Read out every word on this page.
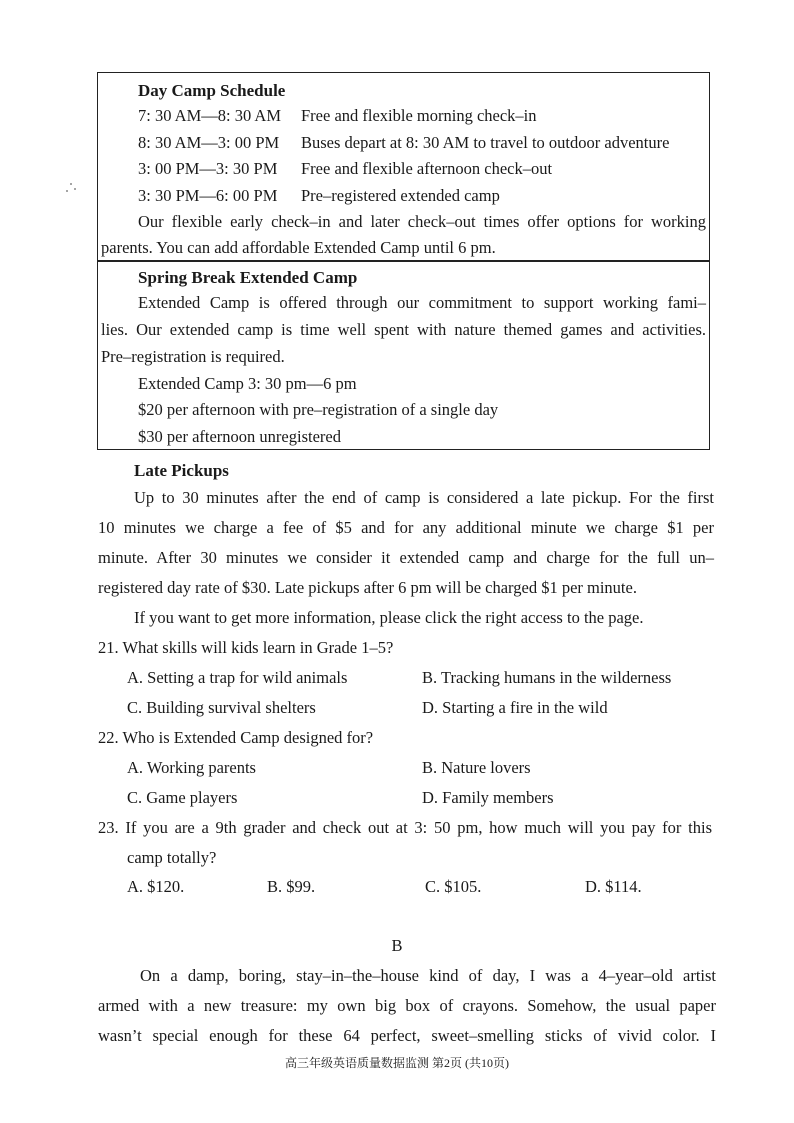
Day Camp Schedule
7: 30 AM—8: 30 AM Free and flexible morning check–in
8: 30 AM—3: 00 PM Buses depart at 8: 30 AM to travel to outdoor adventure
3: 00 PM—3: 30 PM Free and flexible afternoon check–out
3: 30 PM—6: 00 PM Pre–registered extended camp
Our flexible early check–in and later check–out times offer options for working
parents. You can add affordable Extended Camp until 6 pm.
Spring Break Extended Camp
Extended Camp is offered through our commitment to support working fami–
lies. Our extended camp is time well spent with nature themed games and activities.
Pre–registration is required.
Extended Camp 3: 30 pm—6 pm
$20 per afternoon with pre–registration of a single day
$30 per afternoon unregistered
Late Pickups
Up to 30 minutes after the end of camp is considered a late pickup. For the first
10 minutes we charge a fee of $5 and for any additional minute we charge $1 per
minute. After 30 minutes we consider it extended camp and charge for the full un–
registered day rate of $30. Late pickups after 6 pm will be charged $1 per minute.
If you want to get more information, please click the right access to the page.
21. What skills will kids learn in Grade 1–5?
A. Setting a trap for wild animals	B. Tracking humans in the wilderness
C. Building survival shelters	D. Starting a fire in the wild
22. Who is Extended Camp designed for?
A. Working parents	B. Nature lovers
C. Game players	D. Family members
23. If you are a 9th grader and check out at 3: 50 pm, how much will you pay for this
camp totally?
A. $120.	B. $99.	C. $105.	D. $114.
B
On a damp, boring, stay–in–the–house kind of day, I was a 4–year–old artist
armed with a new treasure: my own big box of crayons. Somehow, the usual paper
wasn’t special enough for these 64 perfect, sweet–smelling sticks of vivid color. I
高三年级英语质量数据监测 第2页 (共10页)
